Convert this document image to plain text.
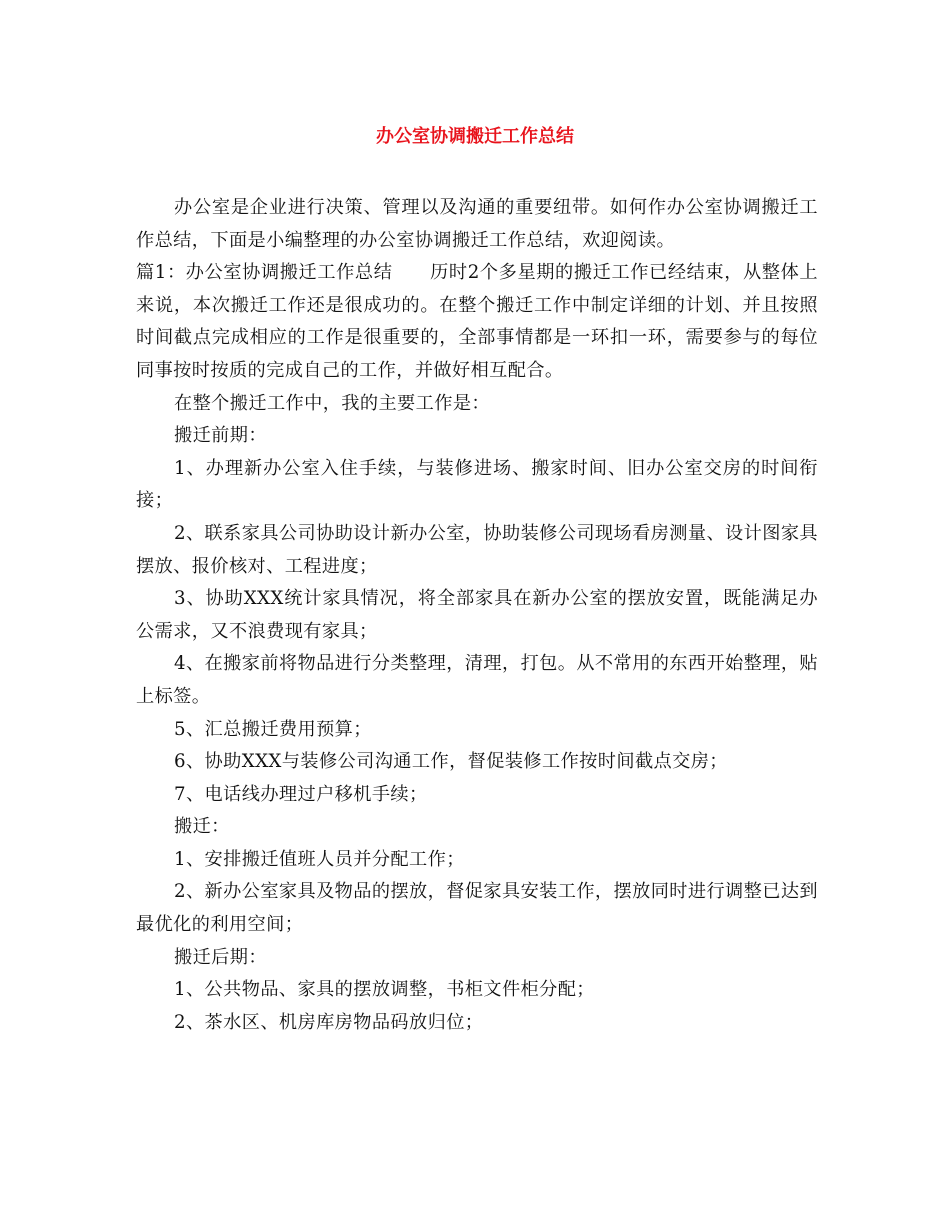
办公室协调搬迁工作总结

办公室是企业进行决策、管理以及沟通的重要纽带。如何作办公室协调搬迁工作总结，下面是小编整理的办公室协调搬迁工作总结，欢迎阅读。

篇1：办公室协调搬迁工作总结　　历时2个多星期的搬迁工作已经结束，从整体上来说，本次搬迁工作还是很成功的。在整个搬迁工作中制定详细的计划、并且按照时间截点完成相应的工作是很重要的，全部事情都是一环扣一环，需要参与的每位同事按时按质的完成自己的工作，并做好相互配合。

在整个搬迁工作中，我的主要工作是：

搬迁前期：

1、办理新办公室入住手续，与装修进场、搬家时间、旧办公室交房的时间衔接；

2、联系家具公司协助设计新办公室，协助装修公司现场看房测量、设计图家具摆放、报价核对、工程进度；

3、协助XXX统计家具情况，将全部家具在新办公室的摆放安置，既能满足办公需求，又不浪费现有家具；

4、在搬家前将物品进行分类整理，清理，打包。从不常用的东西开始整理，贴上标签。

5、汇总搬迁费用预算；

6、协助XXX与装修公司沟通工作，督促装修工作按时间截点交房；

7、电话线办理过户移机手续；

搬迁：

1、安排搬迁值班人员并分配工作；

2、新办公室家具及物品的摆放，督促家具安装工作，摆放同时进行调整已达到最优化的利用空间；

搬迁后期：

1、公共物品、家具的摆放调整，书柜文件柜分配；

2、茶水区、机房库房物品码放归位；
